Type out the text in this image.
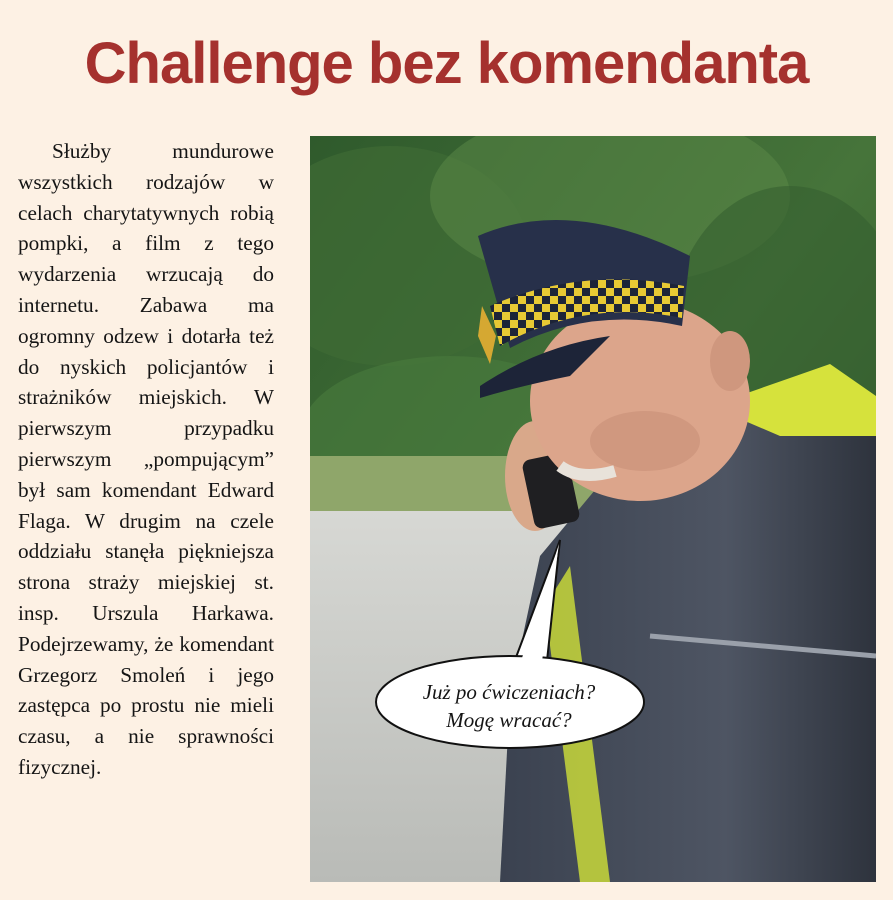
Challenge bez komendanta

Służby mundurowe wszystkich rodzajów w celach charytatywnych robią pompki, a film z tego wydarzenia wrzucają do internetu. Zabawa ma ogromny odzew i dotarła też do nyskich policjantów i strażników miejskich. W pierwszym przypadku pierwszym „pompującym” był sam komendant Edward Flaga. W drugim na czele oddziału stanęła piękniejsza strona straży miejskiej st. insp. Urszula Harkawa. Podejrzewamy, że komendant Grzegorz Smoleń i jego zastępca po prostu nie mieli czasu, a nie sprawności fizycznej.

Już po ćwiczeniach?
Mogę wracać?
